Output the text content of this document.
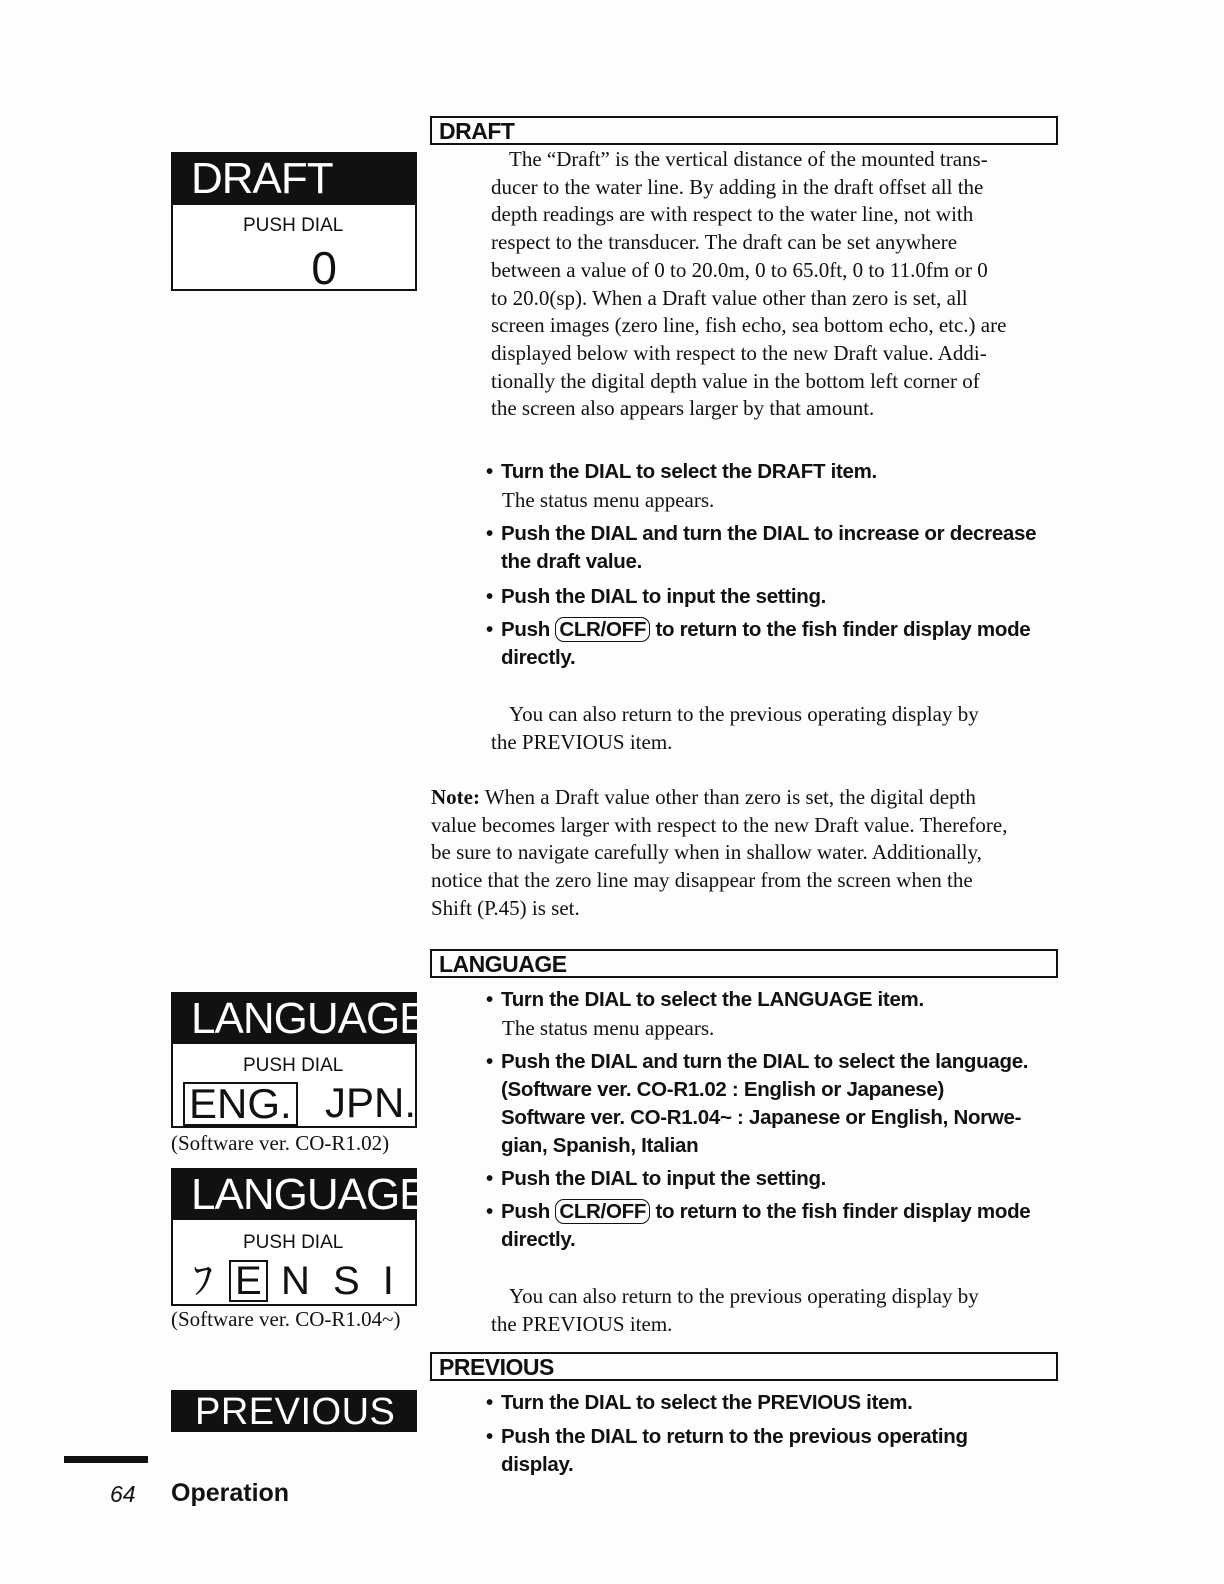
DRAFT
PUSH DIAL
0
LANGUAGE
PUSH DIAL
ENG. JPN.
(Software ver. CO-R1.02)
LANGUAGE
PUSH DIAL
ﾌ E N S I
(Software ver. CO-R1.04~)
PREVIOUS
DRAFT
The “Draft” is the vertical distance of the mounted trans-
ducer to the water line. By adding in the draft offset all the
depth readings are with respect to the water line, not with
respect to the transducer. The draft can be set anywhere
between a value of 0 to 20.0m, 0 to 65.0ft, 0 to 11.0fm or 0
to 20.0(sp). When a Draft value other than zero is set, all
screen images (zero line, fish echo, sea bottom echo, etc.) are
displayed below with respect to the new Draft value. Addi-
tionally the digital depth value in the bottom left corner of
the screen also appears larger by that amount.
• Turn the DIAL to select the DRAFT item.
The status menu appears.
• Push the DIAL and turn the DIAL to increase or decrease the draft value.
• Push the DIAL to input the setting.
• Push CLR/OFF to return to the fish finder display mode directly.
You can also return to the previous operating display by
the PREVIOUS item.
Note: When a Draft value other than zero is set, the digital depth
value becomes larger with respect to the new Draft value. Therefore,
be sure to navigate carefully when in shallow water. Additionally,
notice that the zero line may disappear from the screen when the
Shift (P.45) is set.
LANGUAGE
• Turn the DIAL to select the LANGUAGE item.
The status menu appears.
• Push the DIAL and turn the DIAL to select the language.
(Software ver. CO-R1.02 : English or Japanese)
Software ver. CO-R1.04~ : Japanese or English, Norwe-
gian, Spanish, Italian
• Push the DIAL to input the setting.
• Push CLR/OFF to return to the fish finder display mode directly.
You can also return to the previous operating display by
the PREVIOUS item.
PREVIOUS
• Turn the DIAL to select the PREVIOUS item.
• Push the DIAL to return to the previous operating display.
64 Operation
